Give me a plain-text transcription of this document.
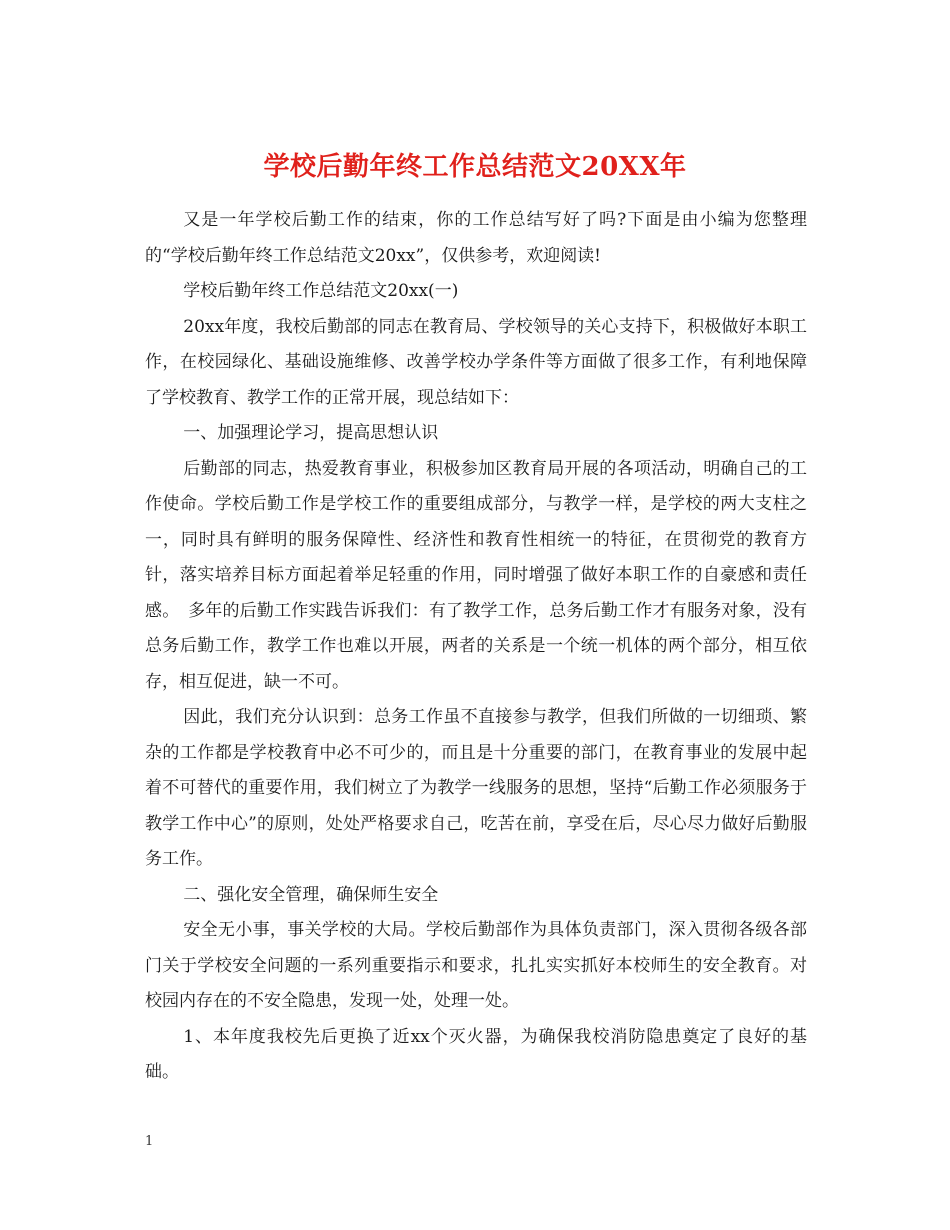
学校后勤年终工作总结范文20XX年

又是一年学校后勤工作的结束，你的工作总结写好了吗?下面是由小编为您整理的“学校后勤年终工作总结范文20xx”，仅供参考，欢迎阅读!

学校后勤年终工作总结范文20xx(一)

20xx年度，我校后勤部的同志在教育局、学校领导的关心支持下，积极做好本职工作，在校园绿化、基础设施维修、改善学校办学条件等方面做了很多工作，有利地保障了学校教育、教学工作的正常开展，现总结如下：

一、加强理论学习，提高思想认识

后勤部的同志，热爱教育事业，积极参加区教育局开展的各项活动，明确自己的工作使命。学校后勤工作是学校工作的重要组成部分，与教学一样，是学校的两大支柱之一，同时具有鲜明的服务保障性、经济性和教育性相统一的特征，在贯彻党的教育方针，落实培养目标方面起着举足轻重的作用，同时增强了做好本职工作的自豪感和责任感。　多年的后勤工作实践告诉我们：有了教学工作，总务后勤工作才有服务对象，没有总务后勤工作，教学工作也难以开展，两者的关系是一个统一机体的两个部分，相互依存，相互促进，缺一不可。

因此，我们充分认识到：总务工作虽不直接参与教学，但我们所做的一切细琐、繁杂的工作都是学校教育中必不可少的，而且是十分重要的部门，在教育事业的发展中起着不可替代的重要作用，我们树立了为教学一线服务的思想，坚持“后勤工作必须服务于教学工作中心”的原则，处处严格要求自己，吃苦在前，享受在后，尽心尽力做好后勤服务工作。

二、强化安全管理，确保师生安全

安全无小事，事关学校的大局。学校后勤部作为具体负责部门，深入贯彻各级各部门关于学校安全问题的一系列重要指示和要求，扎扎实实抓好本校师生的安全教育。对校园内存在的不安全隐患，发现一处，处理一处。

1、本年度我校先后更换了近xx个灭火器，为确保我校消防隐患奠定了良好的基础。

1
